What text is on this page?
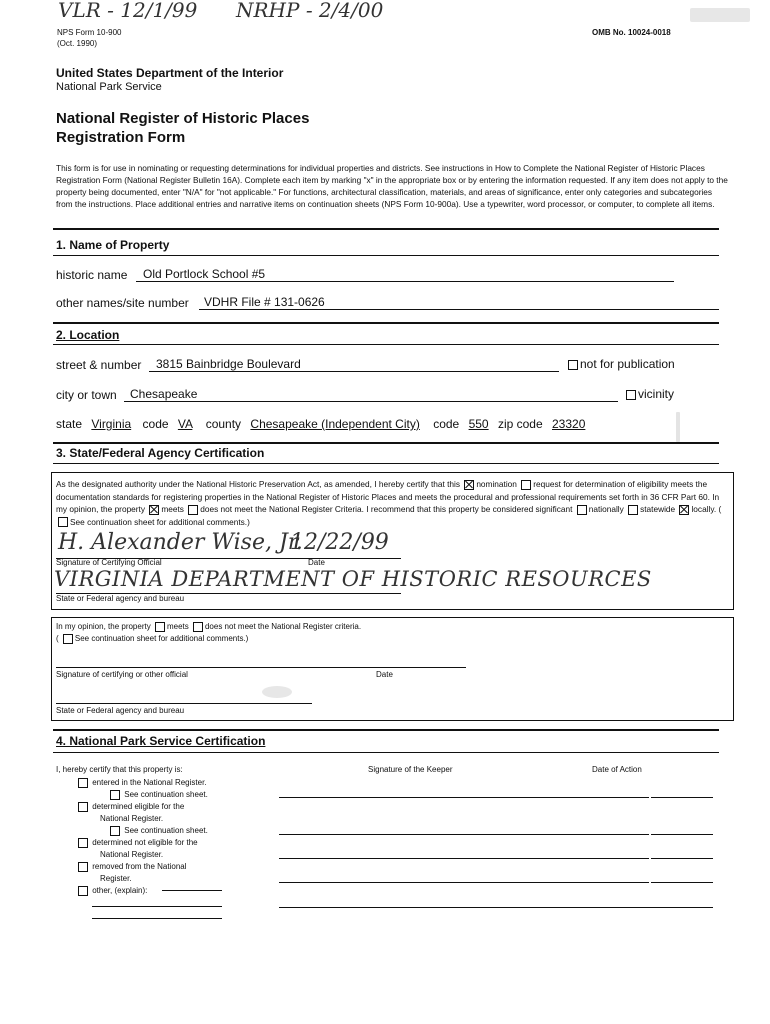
VLR - 12/1/99 NRHP - 2/4/00
NPS Form 10-900
(Oct. 1990)
OMB No. 10024-0018
United States Department of the Interior
National Park Service
National Register of Historic Places
Registration Form
This form is for use in nominating or requesting determinations for individual properties and districts. See instructions in How to Complete the National Register of Historic Places Registration Form (National Register Bulletin 16A). Complete each item by marking "x" in the appropriate box or by entering the information requested. If any item does not apply to the property being documented, enter "N/A" for "not applicable." For functions, architectural classification, materials, and areas of significance, enter only categories and subcategories from the instructions. Place additional entries and narrative items on continuation sheets (NPS Form 10-900a). Use a typewriter, word processor, or computer, to complete all items.
1. Name of Property
historic name Old Portlock School #5
other names/site number VDHR File # 131-0626
2. Location
street & number 3815 Bainbridge Boulevard	not for publication
city or town Chesapeake	vicinity
state Virginia code VA county Chesapeake (Independent City) code 550 zip code 23320
3. State/Federal Agency Certification
As the designated authority under the National Historic Preservation Act, as amended, I hereby certify that this nomination request for determination of eligibility meets the documentation standards for registering properties in the National Register of Historic Places and meets the procedural and professional requirements set forth in 36 CFR Part 60. In my opinion, the property meets does not meet the National Register Criteria. I recommend that this property be considered significant nationally statewide locally. (See continuation sheet for additional comments.)
H. Alexander Wise, Jr.
12/22/99
Signature of Certifying Official	Date
VIRGINIA DEPARTMENT OF HISTORIC RESOURCES
State or Federal agency and bureau
In my opinion, the property meets does not meet the National Register criteria.
( See continuation sheet for additional comments.)
Signature of certifying or other official	Date
State or Federal agency and bureau
4. National Park Service Certification
I, hereby certify that this property is:	Signature of the Keeper	Date of Action
entered in the National Register.
See continuation sheet.
determined eligible for the
National Register.
See continuation sheet.
determined not eligible for the
National Register.
removed from the National
Register.
other, (explain):
